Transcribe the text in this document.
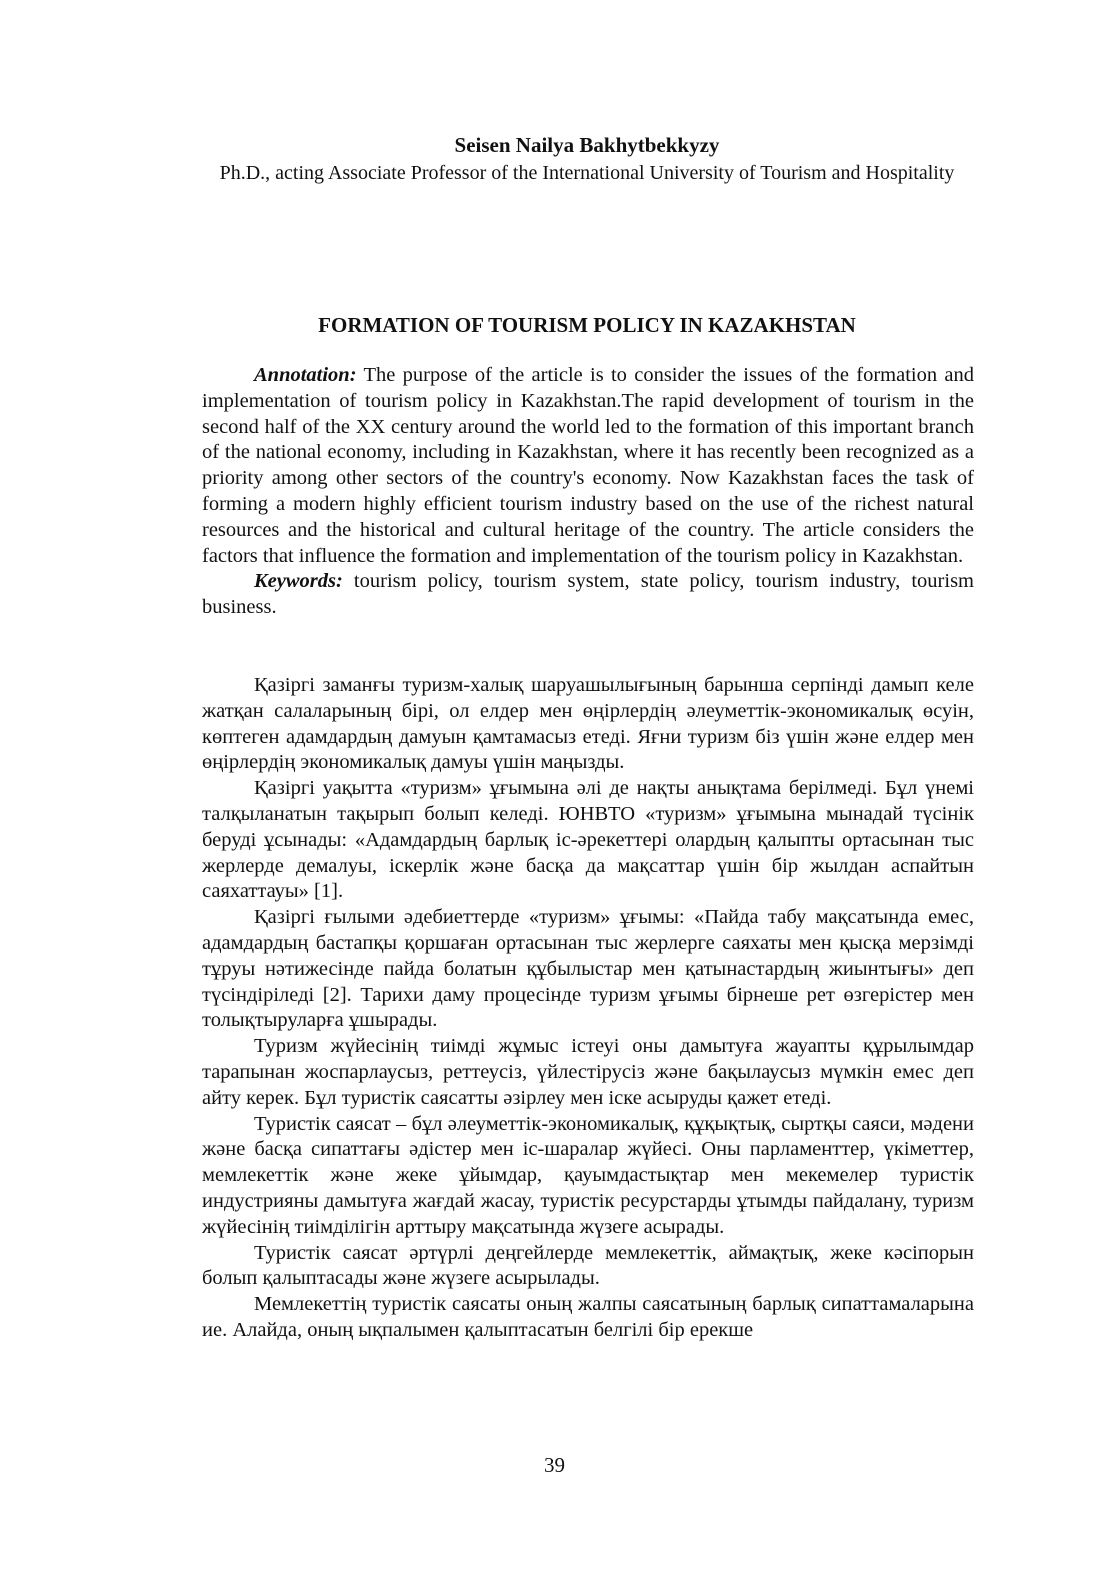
Seisen Nailya Bakhytbekkyzy
Ph.D., acting Associate Professor of the International University of Tourism and Hospitality
FORMATION OF TOURISM POLICY IN KAZAKHSTAN

Annotation: The purpose of the article is to consider the issues of the formation and implementation of tourism policy in Kazakhstan.The rapid development of tourism in the second half of the XX century around the world led to the formation of this important branch of the national economy, including in Kazakhstan, where it has recently been recognized as a priority among other sectors of the country's economy. Now Kazakhstan faces the task of forming a modern highly efficient tourism industry based on the use of the richest natural resources and the historical and cultural heritage of the country. The article considers the factors that influence the formation and implementation of the tourism policy in Kazakhstan.

Keywords: tourism policy, tourism system, state policy, tourism industry, tourism business.

Қазіргі заманғы туризм-халық шаруашылығының барынша серпінді дамып келе жатқан салаларының бірі, ол елдер мен өңірлердің әлеуметтік-экономикалық өсуін, көптеген адамдардың дамуын қамтамасыз етеді. Яғни туризм біз үшін және елдер мен өңірлердің экономикалық дамуы үшін маңызды.

Қазіргі уақытта «туризм» ұғымына әлі де нақты анықтама берілмеді. Бұл үнемі талқыланатын тақырып болып келеді. ЮНВТО «туризм» ұғымына мынадай түсінік беруді ұсынады: «Адамдардың барлық іс-әрекеттері олардың қалыпты ортасынан тыс жерлерде демалуы, іскерлік және басқа да мақсаттар үшін бір жылдан аспайтын саяхаттауы» [1].

Қазіргі ғылыми әдебиеттерде «туризм» ұғымы: «Пайда табу мақсатында емес, адамдардың бастапқы қоршаған ортасынан тыс жерлерге саяхаты мен қысқа мерзімді тұруы нәтижесінде пайда болатын құбылыстар мен қатынастардың жиынтығы» деп түсіндіріледі [2]. Тарихи даму процесінде туризм ұғымы бірнеше рет өзгерістер мен толықтыруларға ұшырады.

Туризм жүйесінің тиімді жұмыс істеуі оны дамытуға жауапты құрылымдар тарапынан жоспарлаусыз, реттеусіз, үйлестірусіз және бақылаусыз мүмкін емес деп айту керек. Бұл туристік саясатты әзірлеу мен іске асыруды қажет етеді.

Туристік саясат – бұл әлеуметтік-экономикалық, құқықтық, сыртқы саяси, мәдени және басқа сипаттағы әдістер мен іс-шаралар жүйесі. Оны парламенттер, үкіметтер, мемлекеттік және жеке ұйымдар, қауымдастықтар мен мекемелер туристік индустрияны дамытуға жағдай жасау, туристік ресурстарды ұтымды пайдалану, туризм жүйесінің тиімділігін арттыру мақсатында жүзеге асырады.

Туристік саясат әртүрлі деңгейлерде мемлекеттік, аймақтық, жеке кәсіпорын болып қалыптасады және жүзеге асырылады.

Мемлекеттің туристік саясаты оның жалпы саясатының барлық сипаттамаларына ие. Алайда, оның ықпалымен қалыптасатын белгілі бір ерекше

39
